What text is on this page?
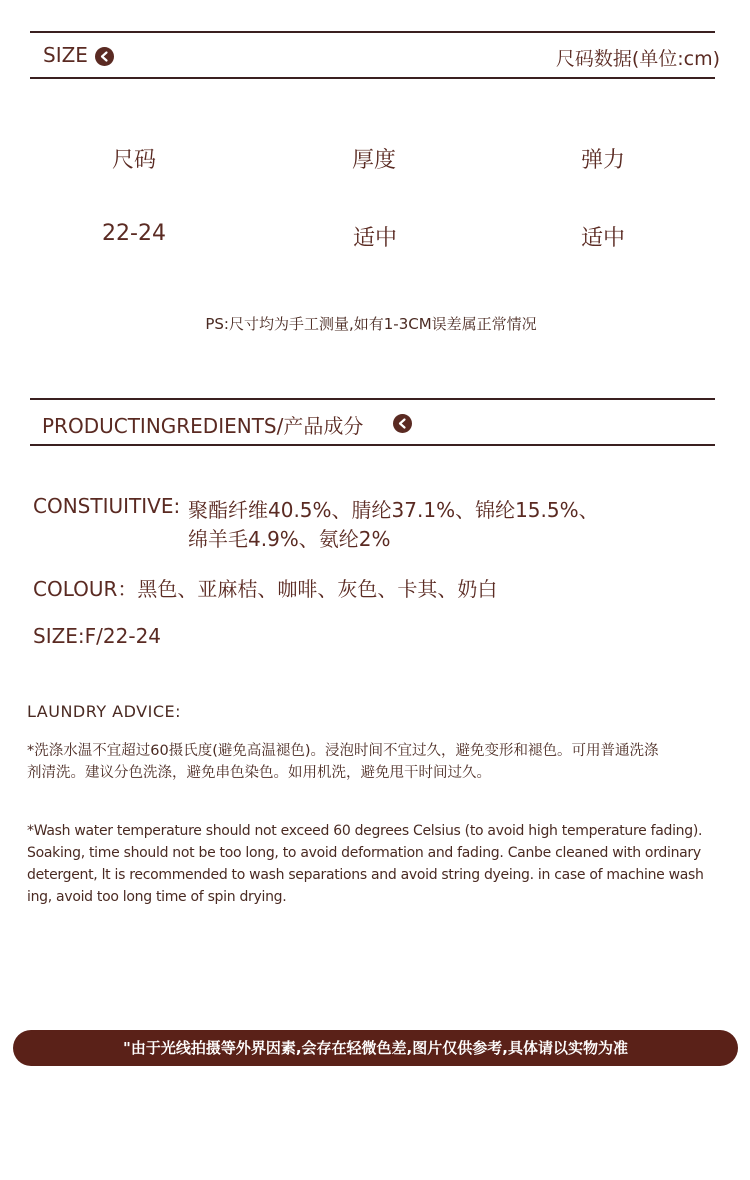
SIZE	尺码数据(单位:cm)
尺码	厚度	弹力
22-24	适中	适中
PS:尺寸均为手工测量,如有1-3CM误差属正常情况
PRODUCTINGREDIENTS/产品成分
CONSTIUITIVE: 聚酯纤维40.5%、腈纶37.1%、锦纶15.5%、
绵羊毛4.9%、氨纶2%
COLOUR：黑色、亚麻桔、咖啡、灰色、卡其、奶白
SIZE:F/22-24
LAUNDRY ADVICE:
*洗涤水温不宜超过60摄氏度(避免高温褪色)。浸泡时间不宜过久，避免变形和褪色。可用普通洗涤
剂清洗。建议分色洗涤，避免串色染色。如用机洗，避免甩干时间过久。
*Wash water temperature should not exceed 60 degrees Celsius (to avoid high temperature fading).
Soaking, time should not be too long, to avoid deformation and fading. Canbe cleaned with ordinary
detergent, lt is recommended to wash separations and avoid string dyeing. in case of machine wash
ing, avoid too long time of spin drying.
"由于光线拍摄等外界因素,会存在轻微色差,图片仅供参考,具体请以实物为准
